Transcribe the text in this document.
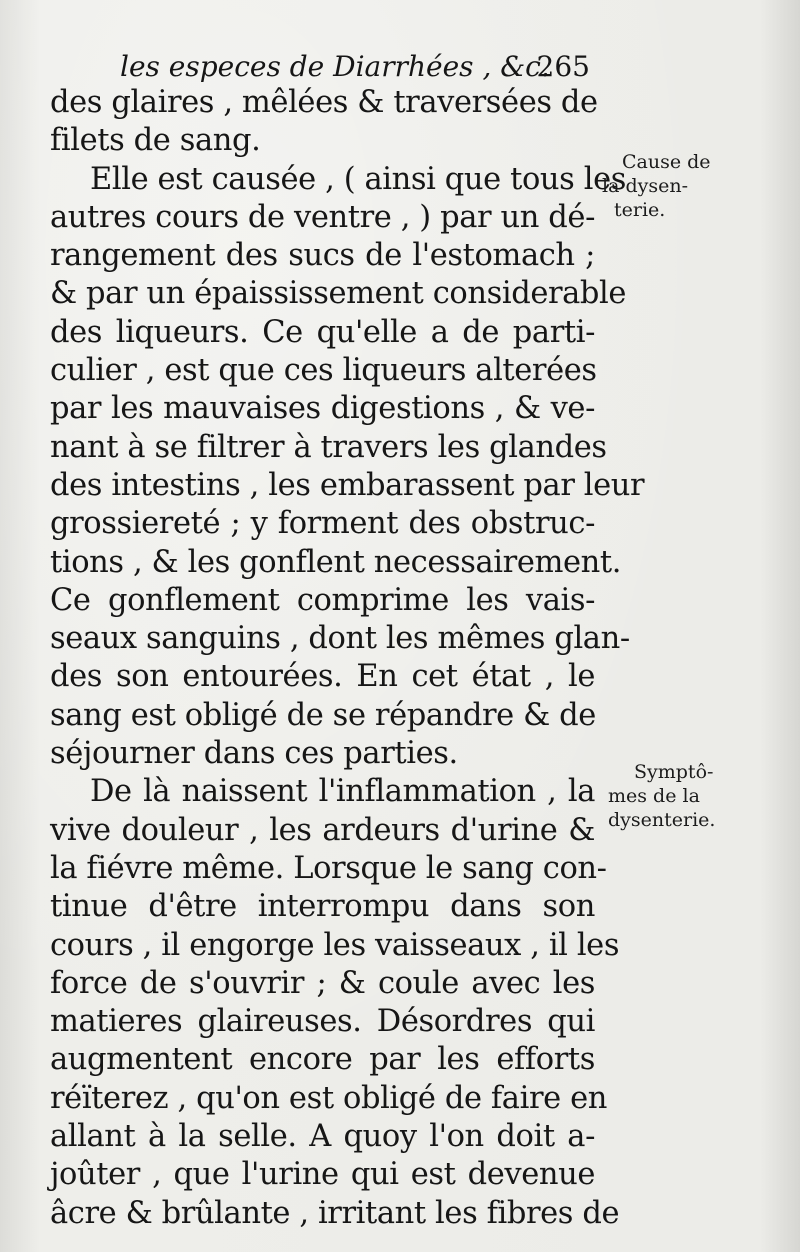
les especes de Diarrhées , &c.
265
des glaires , mêlées & traversées de
filets de sang.
Elle est causée , ( ainsi que tous les
autres cours de ventre , ) par un dé-
rangement des sucs de l'estomach ;
& par un épaississement considerable
des liqueurs. Ce qu'elle a de parti-
culier , est que ces liqueurs alterées
par les mauvaises digestions , & ve-
nant à se filtrer à travers les glandes
des intestins , les embarassent par leur
grossiereté ; y forment des obstruc-
tions , & les gonflent necessairement.
Ce gonflement comprime les vais-
seaux sanguins , dont les mêmes glan-
des son entourées. En cet état , le
sang est obligé de se répandre & de
séjourner dans ces parties.
De là naissent l'inflammation , la
vive douleur , les ardeurs d'urine &
la fiévre même. Lorsque le sang con-
tinue d'être interrompu dans son
cours , il engorge les vaisseaux , il les
force de s'ouvrir ; & coule avec les
matieres glaireuses. Désordres qui
augmentent encore par les efforts
réïterez , qu'on est obligé de faire en
allant à la selle. A quoy l'on doit a-
joûter , que l'urine qui est devenue
âcre & brûlante , irritant les fibres de
Cause de
la dysen-
terie.
Symptô-
mes de la
dysenterie.
